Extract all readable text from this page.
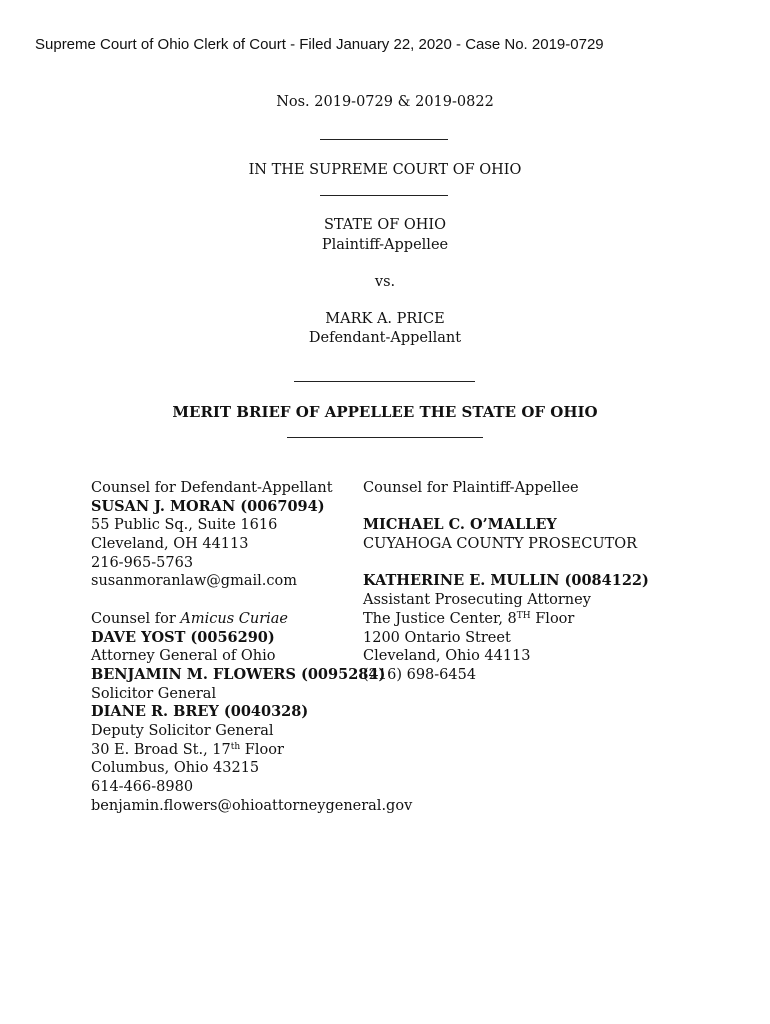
Supreme Court of Ohio Clerk of Court - Filed January 22, 2020 - Case No. 2019-0729
Nos. 2019-0729 & 2019-0822
IN THE SUPREME COURT OF OHIO
STATE OF OHIO
Plaintiff-Appellee
vs.
MARK A. PRICE
Defendant-Appellant
MERIT BRIEF OF APPELLEE THE STATE OF OHIO
Counsel for Defendant-Appellant
SUSAN J. MORAN (0067094)
55 Public Sq., Suite 1616
Cleveland, OH 44113
216-965-5763
susanmoranlaw@gmail.com
Counsel for Amicus Curiae
DAVE YOST (0056290)
Attorney General of Ohio
BENJAMIN M. FLOWERS (0095284)
Solicitor General
DIANE R. BREY (0040328)
Deputy Solicitor General
30 E. Broad St., 17th Floor
Columbus, Ohio 43215
614-466-8980
benjamin.flowers@ohioattorneygeneral.gov
Counsel for Plaintiff-Appellee
MICHAEL C. O’MALLEY
CUYAHOGA COUNTY PROSECUTOR
KATHERINE E. MULLIN (0084122)
Assistant Prosecuting Attorney
The Justice Center, 8TH Floor
1200 Ontario Street
Cleveland, Ohio 44113
(216) 698-6454
